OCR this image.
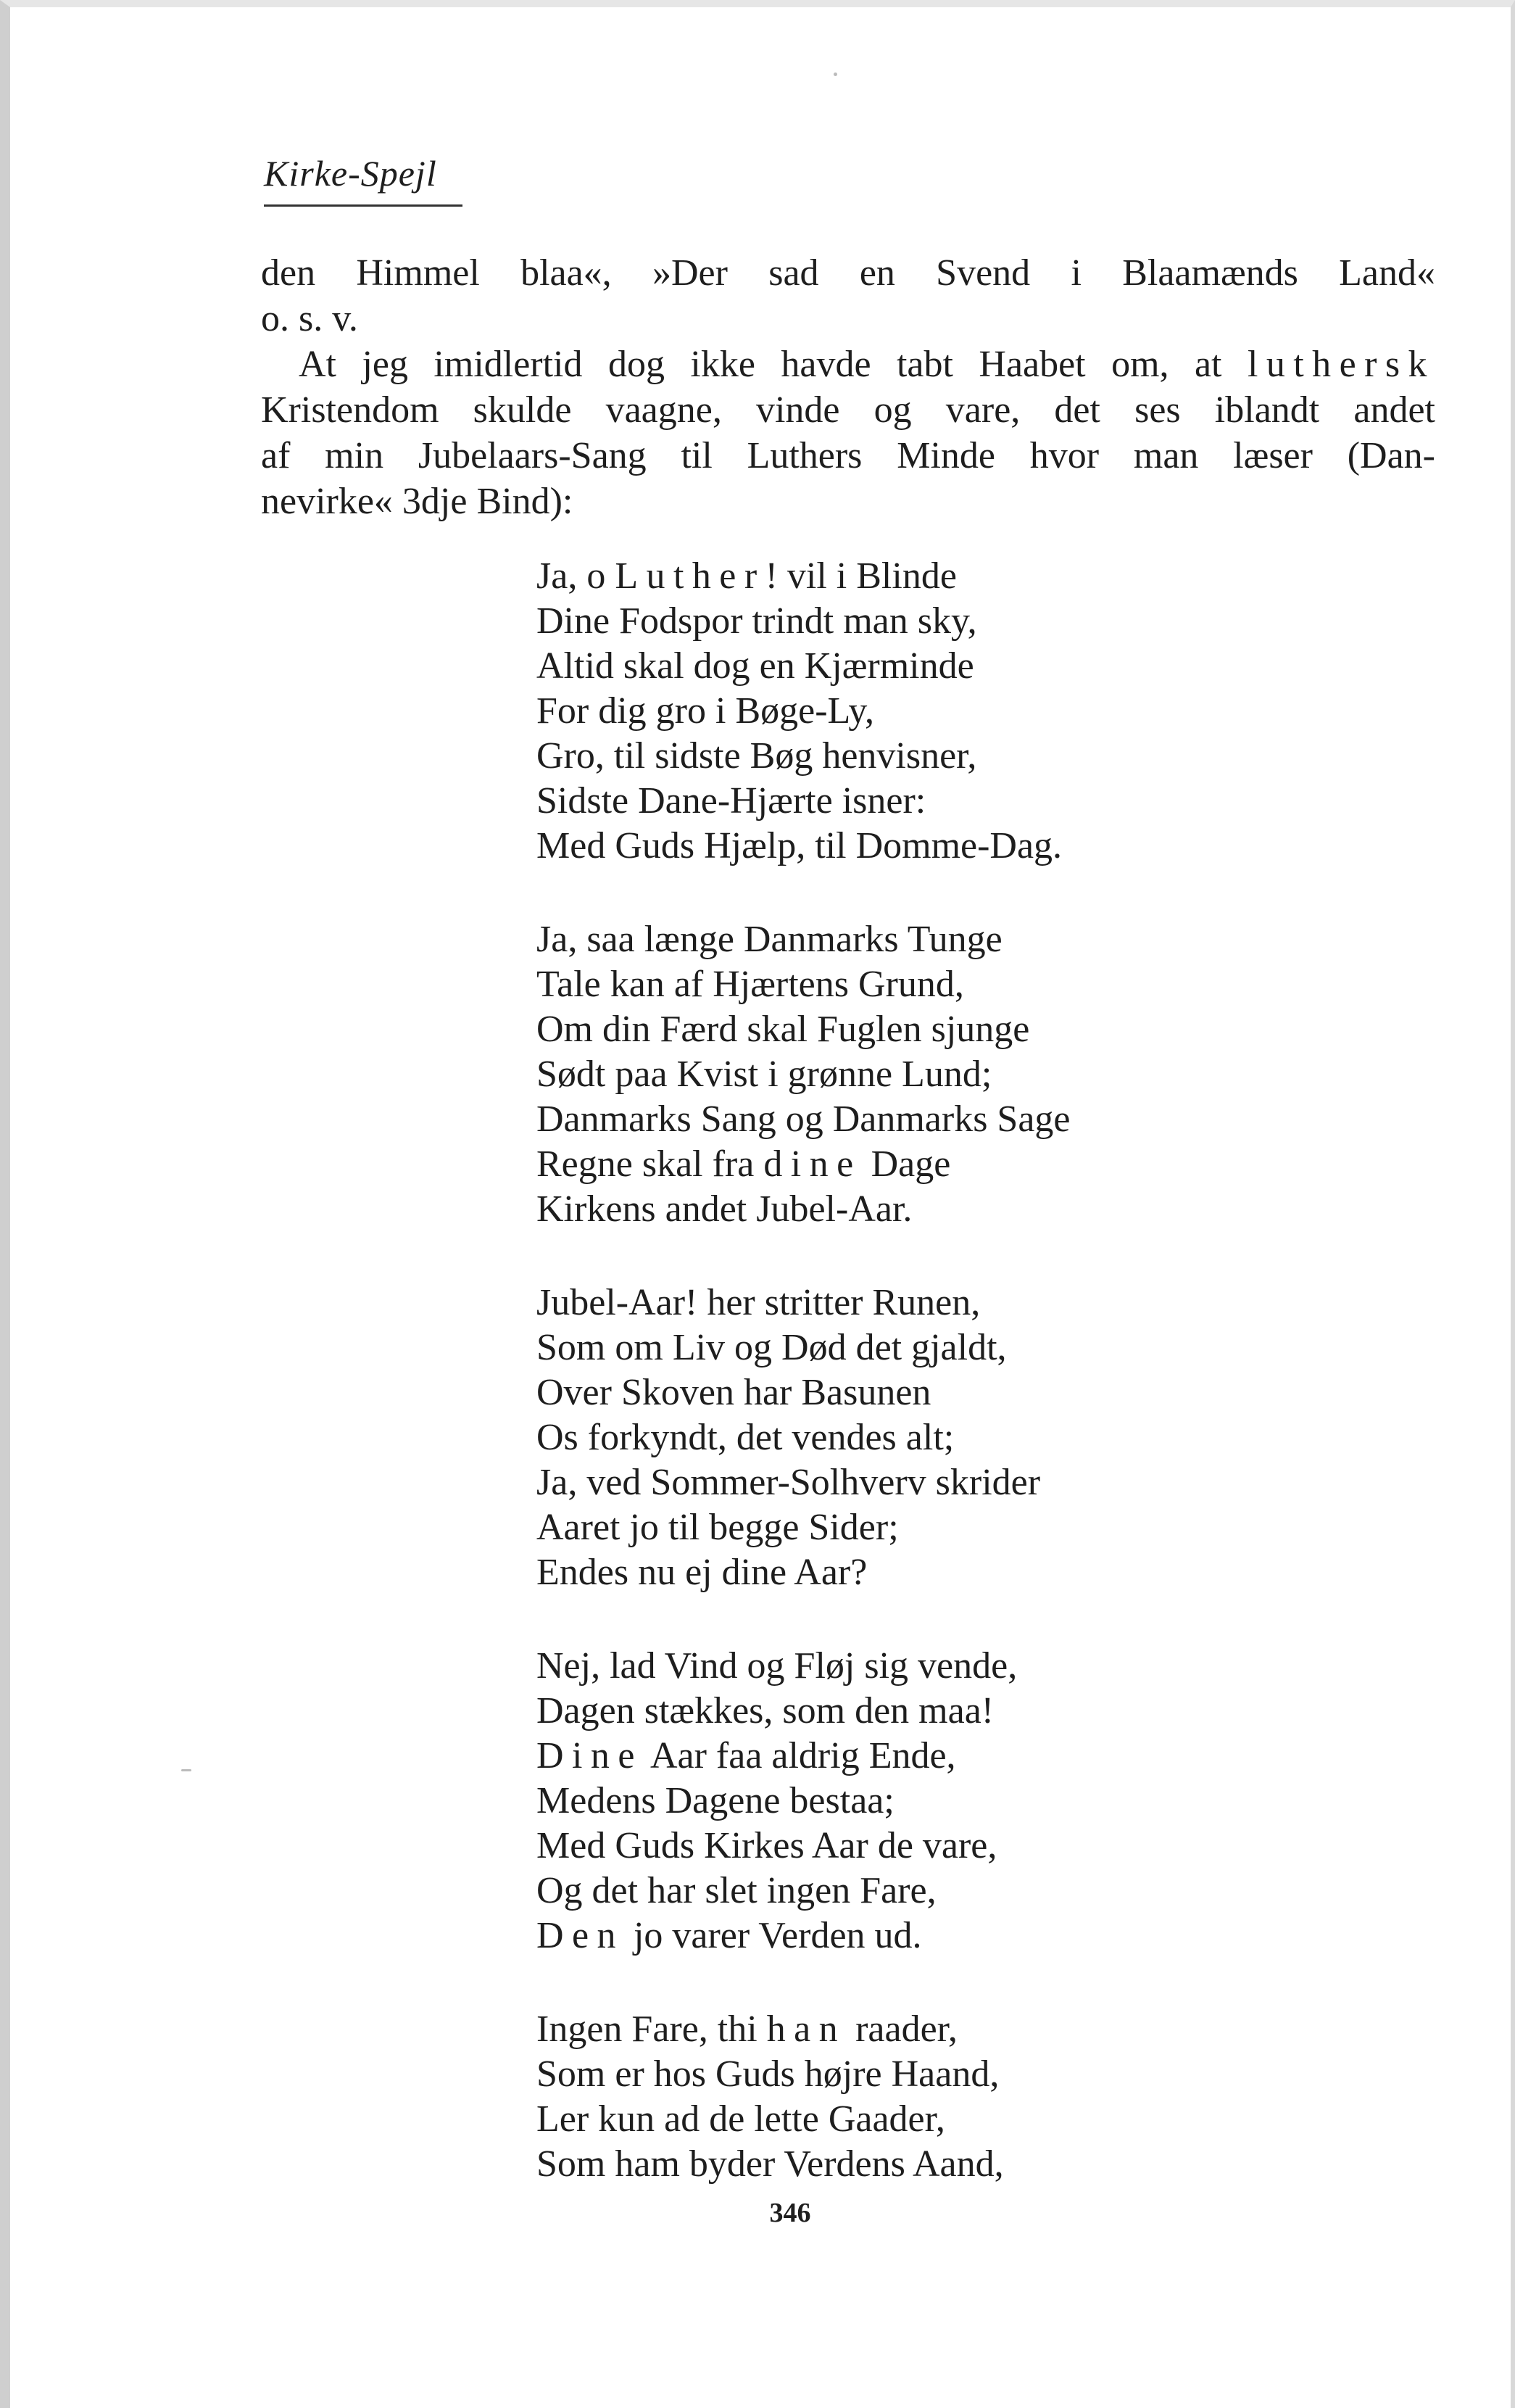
Kirke-Spejl
den Himmel blaa«, »Der sad en Svend i Blaamænds Land«
o. s. v.
At jeg imidlertid dog ikke havde tabt Haabet om, at luthersk
Kristendom skulde vaagne, vinde og vare, det ses iblandt andet
af min Jubelaars-Sang til Luthers Minde hvor man læser (Dan-
nevirke« 3dje Bind):
Ja, o Luther! vil i Blinde
Dine Fodspor trindt man sky,
Altid skal dog en Kjærminde
For dig gro i Bøge-Ly,
Gro, til sidste Bøg henvisner,
Sidste Dane-Hjærte isner:
Med Guds Hjælp, til Domme-Dag.
Ja, saa længe Danmarks Tunge
Tale kan af Hjærtens Grund,
Om din Færd skal Fuglen sjunge
Sødt paa Kvist i grønne Lund;
Danmarks Sang og Danmarks Sage
Regne skal fra dine Dage
Kirkens andet Jubel-Aar.
Jubel-Aar! her stritter Runen,
Som om Liv og Død det gjaldt,
Over Skoven har Basunen
Os forkyndt, det vendes alt;
Ja, ved Sommer-Solhverv skrider
Aaret jo til begge Sider;
Endes nu ej dine Aar?
Nej, lad Vind og Fløj sig vende,
Dagen stækkes, som den maa!
Dine Aar faa aldrig Ende,
Medens Dagene bestaa;
Med Guds Kirkes Aar de vare,
Og det har slet ingen Fare,
Den jo varer Verden ud.
Ingen Fare, thi han raader,
Som er hos Guds højre Haand,
Ler kun ad de lette Gaader,
Som ham byder Verdens Aand,
346
